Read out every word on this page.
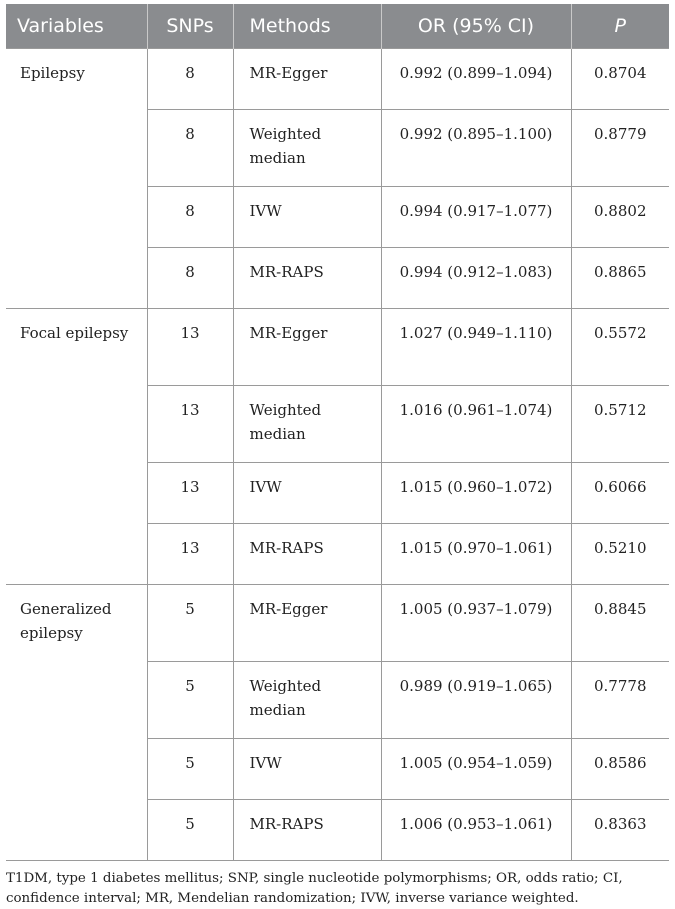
Variables	SNPs	Methods	OR (95% CI)	P
Epilepsy	8	MR-Egger	0.992 (0.899–1.094)	0.8704
	8	Weighted median	0.992 (0.895–1.100)	0.8779
	8	IVW	0.994 (0.917–1.077)	0.8802
	8	MR-RAPS	0.994 (0.912–1.083)	0.8865
Focal epilepsy	13	MR-Egger	1.027 (0.949–1.110)	0.5572
	13	Weighted median	1.016 (0.961–1.074)	0.5712
	13	IVW	1.015 (0.960–1.072)	0.6066
	13	MR-RAPS	1.015 (0.970–1.061)	0.5210
Generalized epilepsy	5	MR-Egger	1.005 (0.937–1.079)	0.8845
	5	Weighted median	0.989 (0.919–1.065)	0.7778
	5	IVW	1.005 (0.954–1.059)	0.8586
	5	MR-RAPS	1.006 (0.953–1.061)	0.8363
T1DM, type 1 diabetes mellitus; SNP, single nucleotide polymorphisms; OR, odds ratio; CI, confidence interval; MR, Mendelian randomization; IVW, inverse variance weighted.
